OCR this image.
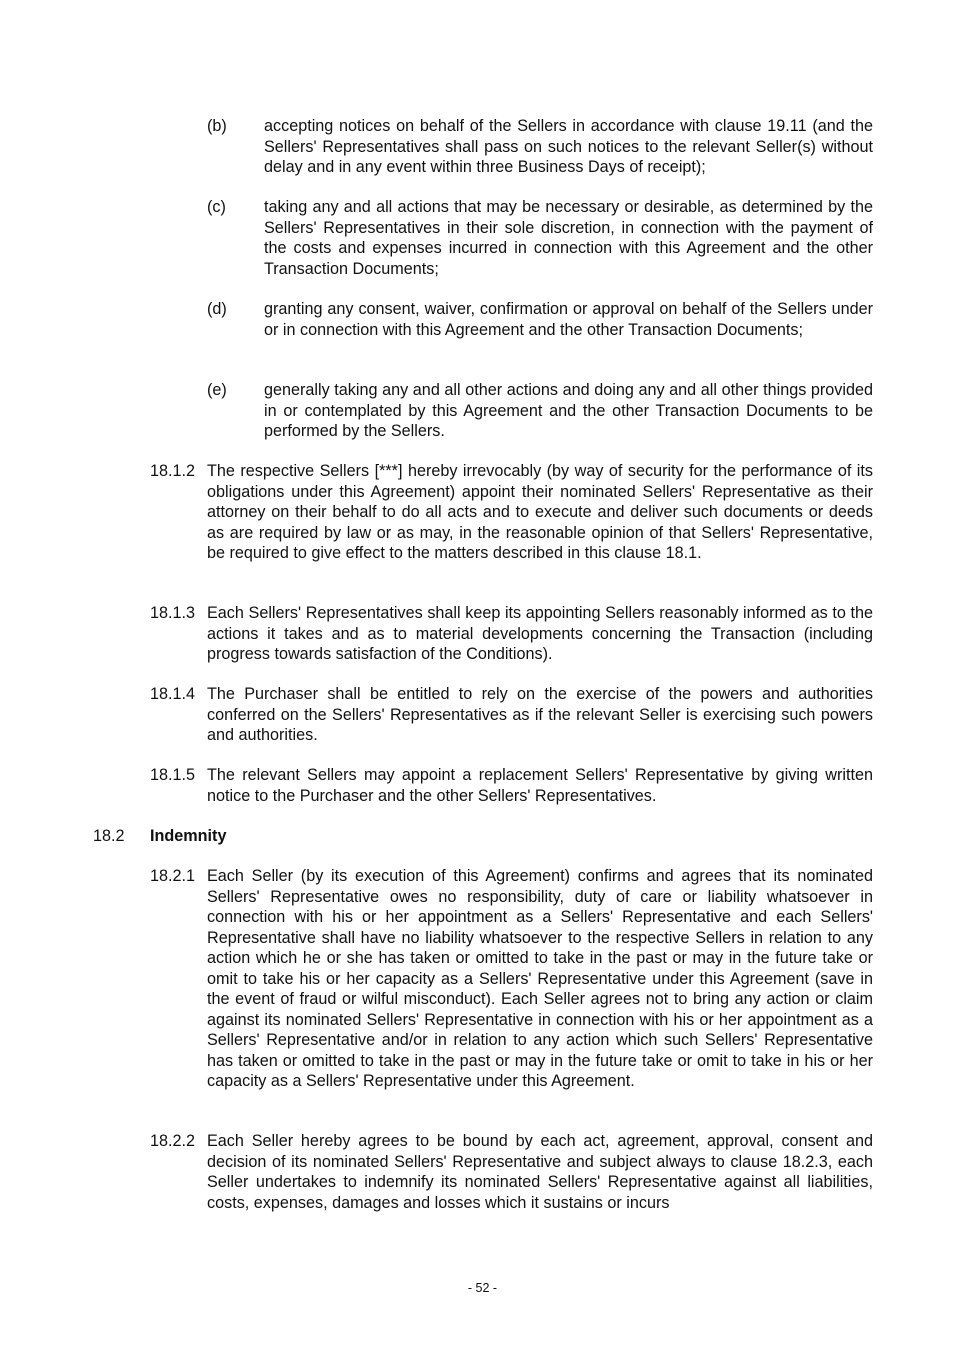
(b) accepting notices on behalf of the Sellers in accordance with clause 19.11 (and the Sellers' Representatives shall pass on such notices to the relevant Seller(s) without delay and in any event within three Business Days of receipt);
(c) taking any and all actions that may be necessary or desirable, as determined by the Sellers' Representatives in their sole discretion, in connection with the payment of the costs and expenses incurred in connection with this Agreement and the other Transaction Documents;
(d) granting any consent, waiver, confirmation or approval on behalf of the Sellers under or in connection with this Agreement and the other Transaction Documents;
(e) generally taking any and all other actions and doing any and all other things provided in or contemplated by this Agreement and the other Transaction Documents to be performed by the Sellers.
18.1.2 The respective Sellers [***] hereby irrevocably (by way of security for the performance of its obligations under this Agreement) appoint their nominated Sellers' Representative as their attorney on their behalf to do all acts and to execute and deliver such documents or deeds as are required by law or as may, in the reasonable opinion of that Sellers' Representative, be required to give effect to the matters described in this clause 18.1.
18.1.3 Each Sellers' Representatives shall keep its appointing Sellers reasonably informed as to the actions it takes and as to material developments concerning the Transaction (including progress towards satisfaction of the Conditions).
18.1.4 The Purchaser shall be entitled to rely on the exercise of the powers and authorities conferred on the Sellers' Representatives as if the relevant Seller is exercising such powers and authorities.
18.1.5 The relevant Sellers may appoint a replacement Sellers' Representative by giving written notice to the Purchaser and the other Sellers' Representatives.
18.2 Indemnity
18.2.1 Each Seller (by its execution of this Agreement) confirms and agrees that its nominated Sellers' Representative owes no responsibility, duty of care or liability whatsoever in connection with his or her appointment as a Sellers' Representative and each Sellers' Representative shall have no liability whatsoever to the respective Sellers in relation to any action which he or she has taken or omitted to take in the past or may in the future take or omit to take his or her capacity as a Sellers' Representative under this Agreement (save in the event of fraud or wilful misconduct). Each Seller agrees not to bring any action or claim against its nominated Sellers' Representative in connection with his or her appointment as a Sellers' Representative and/or in relation to any action which such Sellers' Representative has taken or omitted to take in the past or may in the future take or omit to take in his or her capacity as a Sellers' Representative under this Agreement.
18.2.2 Each Seller hereby agrees to be bound by each act, agreement, approval, consent and decision of its nominated Sellers' Representative and subject always to clause 18.2.3, each Seller undertakes to indemnify its nominated Sellers' Representative against all liabilities, costs, expenses, damages and losses which it sustains or incurs
- 52 -
